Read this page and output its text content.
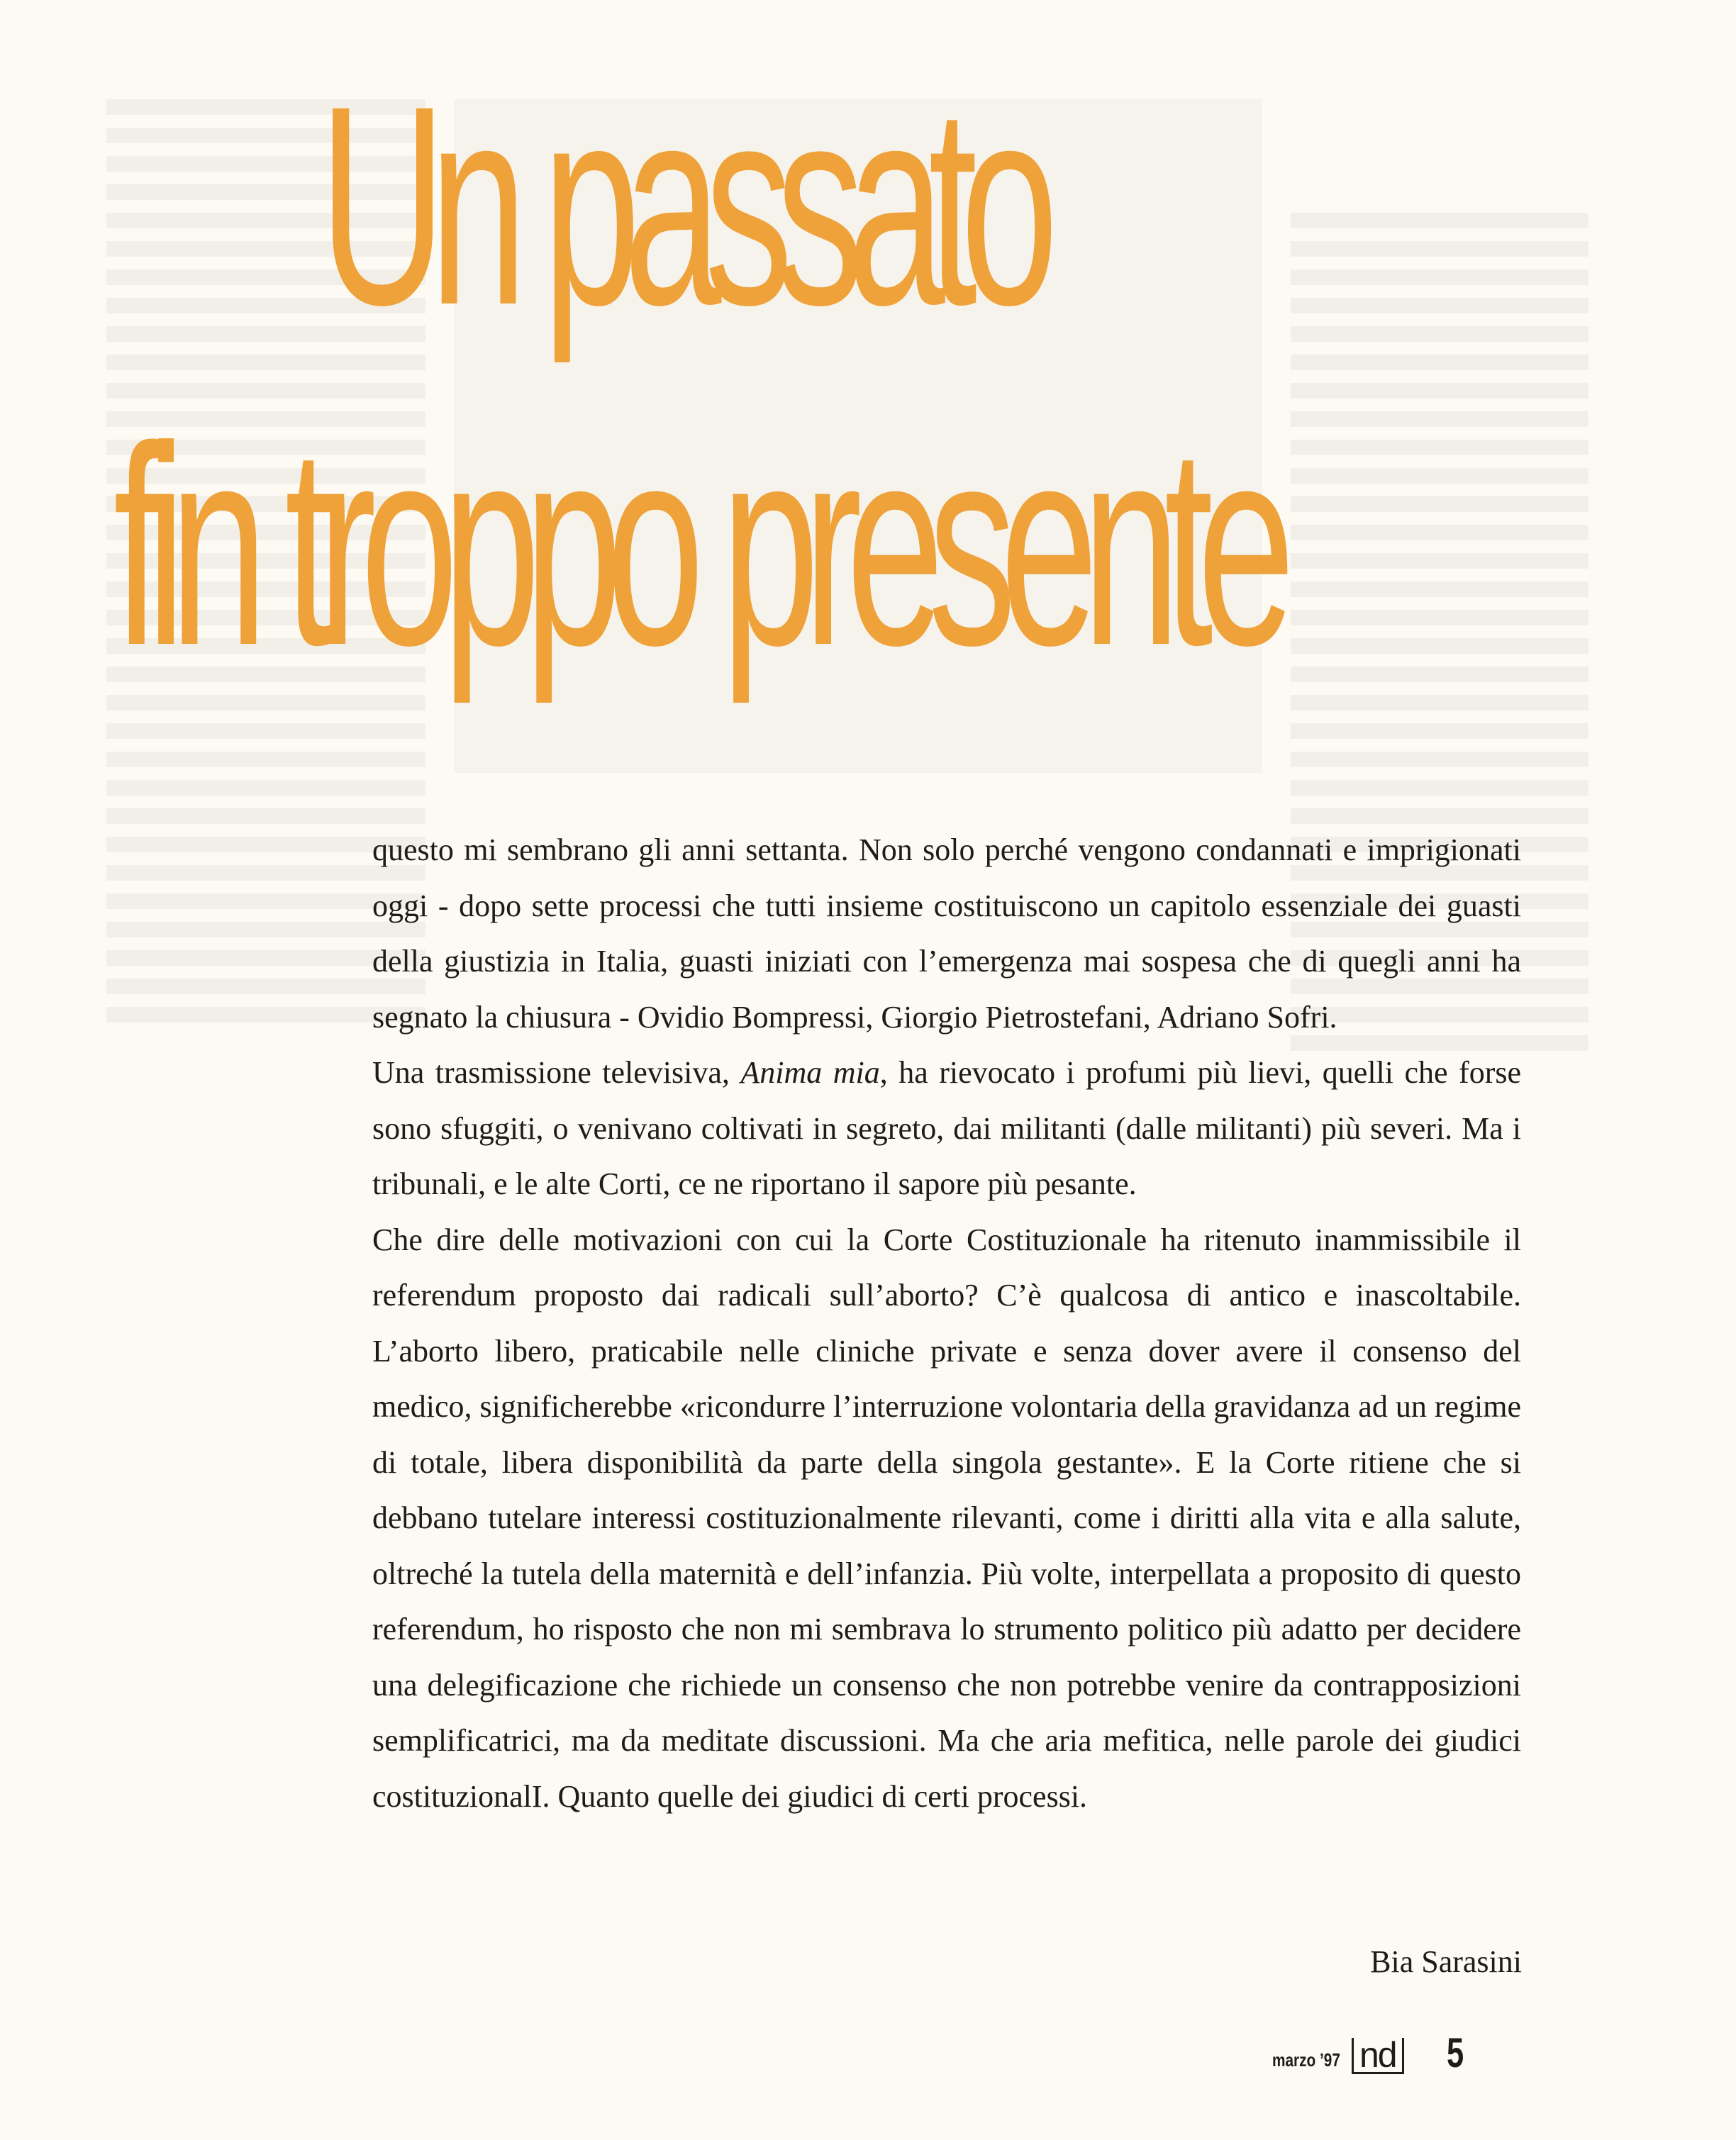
Un passato
fin troppo presente

questo mi sembrano gli anni settanta. Non solo perché vengono condannati e imprigionati oggi - dopo sette processi che tutti insieme costituiscono un capitolo essenziale dei guasti della giustizia in Italia, guasti iniziati con l’emergenza mai sospesa che di quegli anni ha segnato la chiusura - Ovidio Bompressi, Giorgio Pietrostefani, Adriano Sofri.

Una trasmissione televisiva, Anima mia, ha rievocato i profumi più lievi, quelli che forse sono sfuggiti, o venivano coltivati in segreto, dai militanti (dalle militanti) più severi. Ma i tribunali, e le alte Corti, ce ne riportano il sapore più pesante.

Che dire delle motivazioni con cui la Corte Costituzionale ha ritenuto inammissibile il referendum proposto dai radicali sull’aborto? C’è qualcosa di antico e inascoltabile. L’aborto libero, praticabile nelle cliniche private e senza dover avere il consenso del medico, significherebbe «ricondurre l’interruzione volontaria della gravidanza ad un regime di totale, libera disponibilità da parte della singola gestante». E la Corte ritiene che si debbano tutelare interessi costituzionalmente rilevanti, come i diritti alla vita e alla salute, oltreché la tutela della maternità e dell’infanzia. Più volte, interpellata a proposito di questo referendum, ho risposto che non mi sembrava lo strumento politico più adatto per decidere una delegificazione che richiede un consenso che non potrebbe venire da contrapposizioni semplificatrici, ma da meditate discussioni. Ma che aria mefitica, nelle parole dei giudici costituzionalI. Quanto quelle dei giudici di certi processi.

Bia Sarasini
marzo ’97 nd 5
